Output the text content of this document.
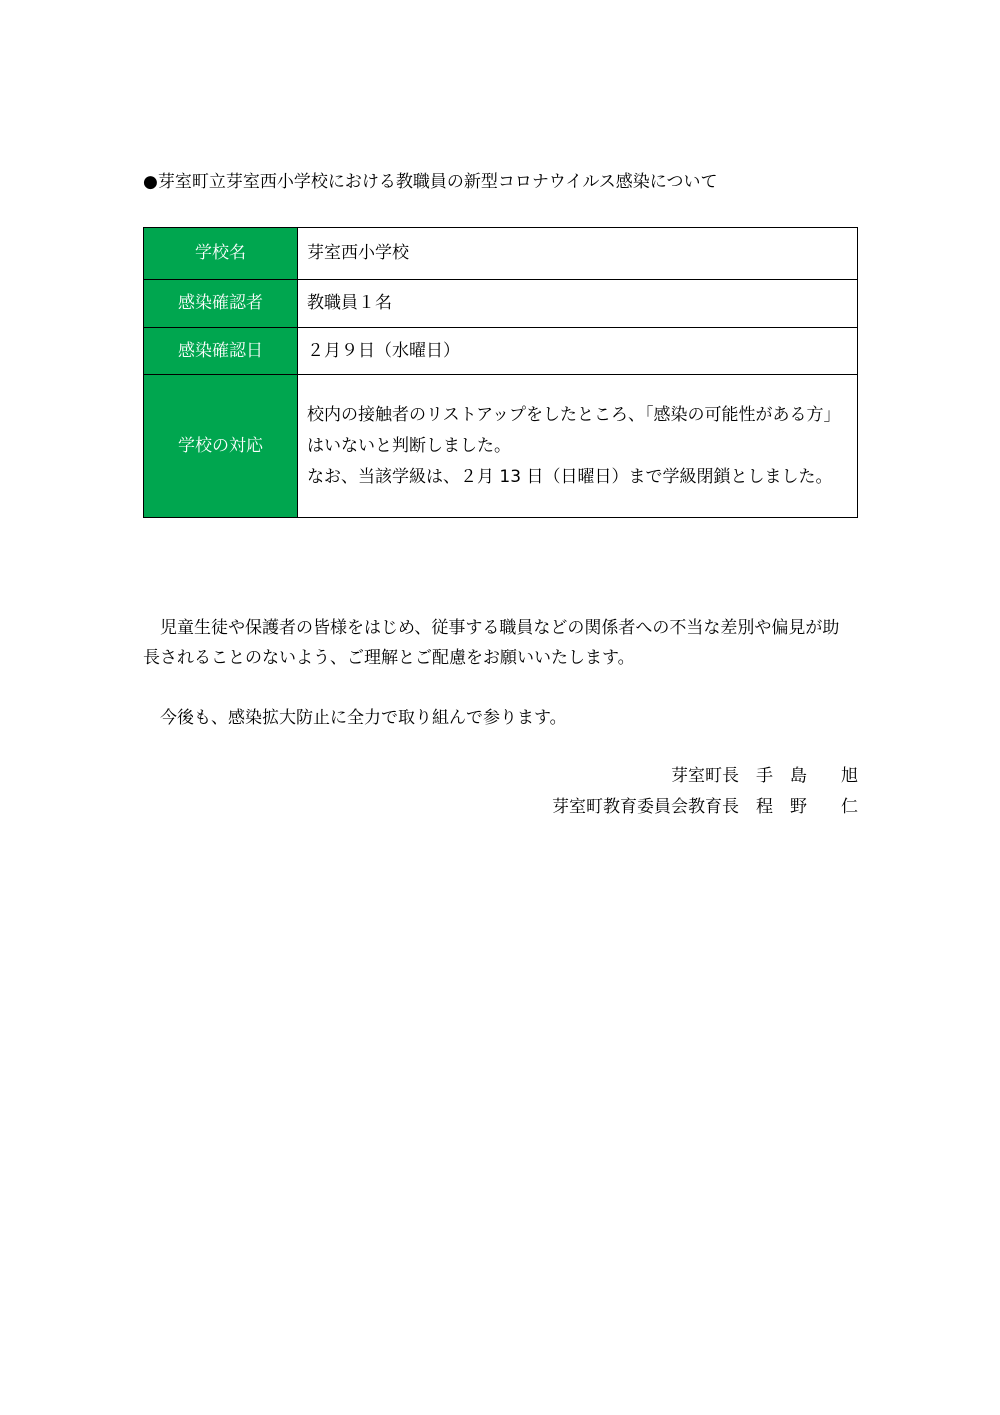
●芽室町立芽室西小学校における教職員の新型コロナウイルス感染について
学校名	芽室西小学校
感染確認者	教職員１名
感染確認日	２月９日（水曜日）
学校の対応	校内の接触者のリストアップをしたところ、「感染の可能性がある方」
はいないと判断しました。
なお、当該学級は、２月 13 日（日曜日）まで学級閉鎖としました。
児童生徒や保護者の皆様をはじめ、従事する職員などの関係者への不当な差別や偏見が助
長されることのないよう、ご理解とご配慮をお願いいたします。
今後も、感染拡大防止に全力で取り組んで参ります。
芽室町長　手　島　　旭
芽室町教育委員会教育長　程　野　　仁
